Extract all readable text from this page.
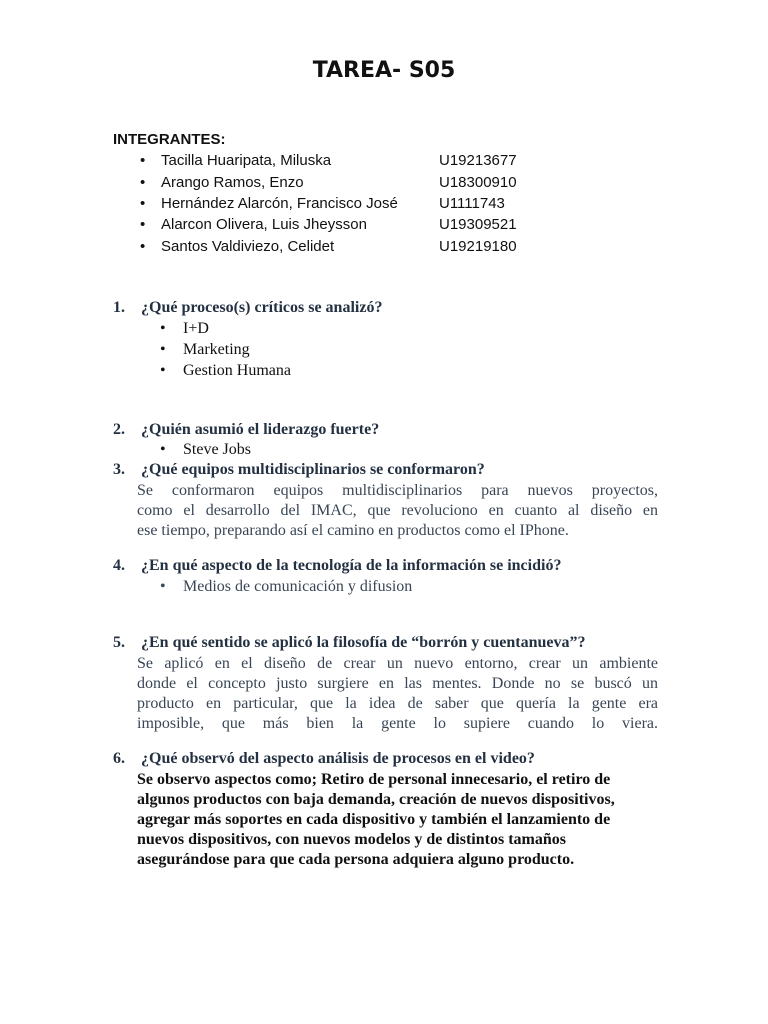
TAREA- S05
INTEGRANTES:
• Tacilla Huaripata, Miluska	U19213677
• Arango Ramos, Enzo	U18300910
• Hernández Alarcón, Francisco José	U1111743
• Alarcon Olivera, Luis Jheysson	U19309521
• Santos Valdiviezo, Celidet	U19219180
1. ¿Qué proceso(s) críticos se analizó?
• I+D
• Marketing
• Gestion Humana
2. ¿Quién asumió el liderazgo fuerte?
• Steve Jobs
3. ¿Qué equipos multidisciplinarios se conformaron?
Se conformaron equipos multidisciplinarios para nuevos proyectos,
como el desarrollo del IMAC, que revoluciono en cuanto al diseño en
ese tiempo, preparando así el camino en productos como el IPhone.
4. ¿En qué aspecto de la tecnología de la información se incidió?
• Medios de comunicación y difusion
5. ¿En qué sentido se aplicó la filosofía de “borrón y cuentanueva”?
Se aplicó en el diseño de crear un nuevo entorno, crear un ambiente
donde el concepto justo surgiere en las mentes. Donde no se buscó un
producto en particular, que la idea de saber que quería la gente era
imposible, que más bien la gente lo supiere cuando lo viera.
6. ¿Qué observó del aspecto análisis de procesos en el video?
Se observo aspectos como; Retiro de personal innecesario, el retiro de
algunos productos con baja demanda, creación de nuevos dispositivos,
agregar más soportes en cada dispositivo y también el lanzamiento de
nuevos dispositivos, con nuevos modelos y de distintos tamaños
asegurándose para que cada persona adquiera alguno producto.
